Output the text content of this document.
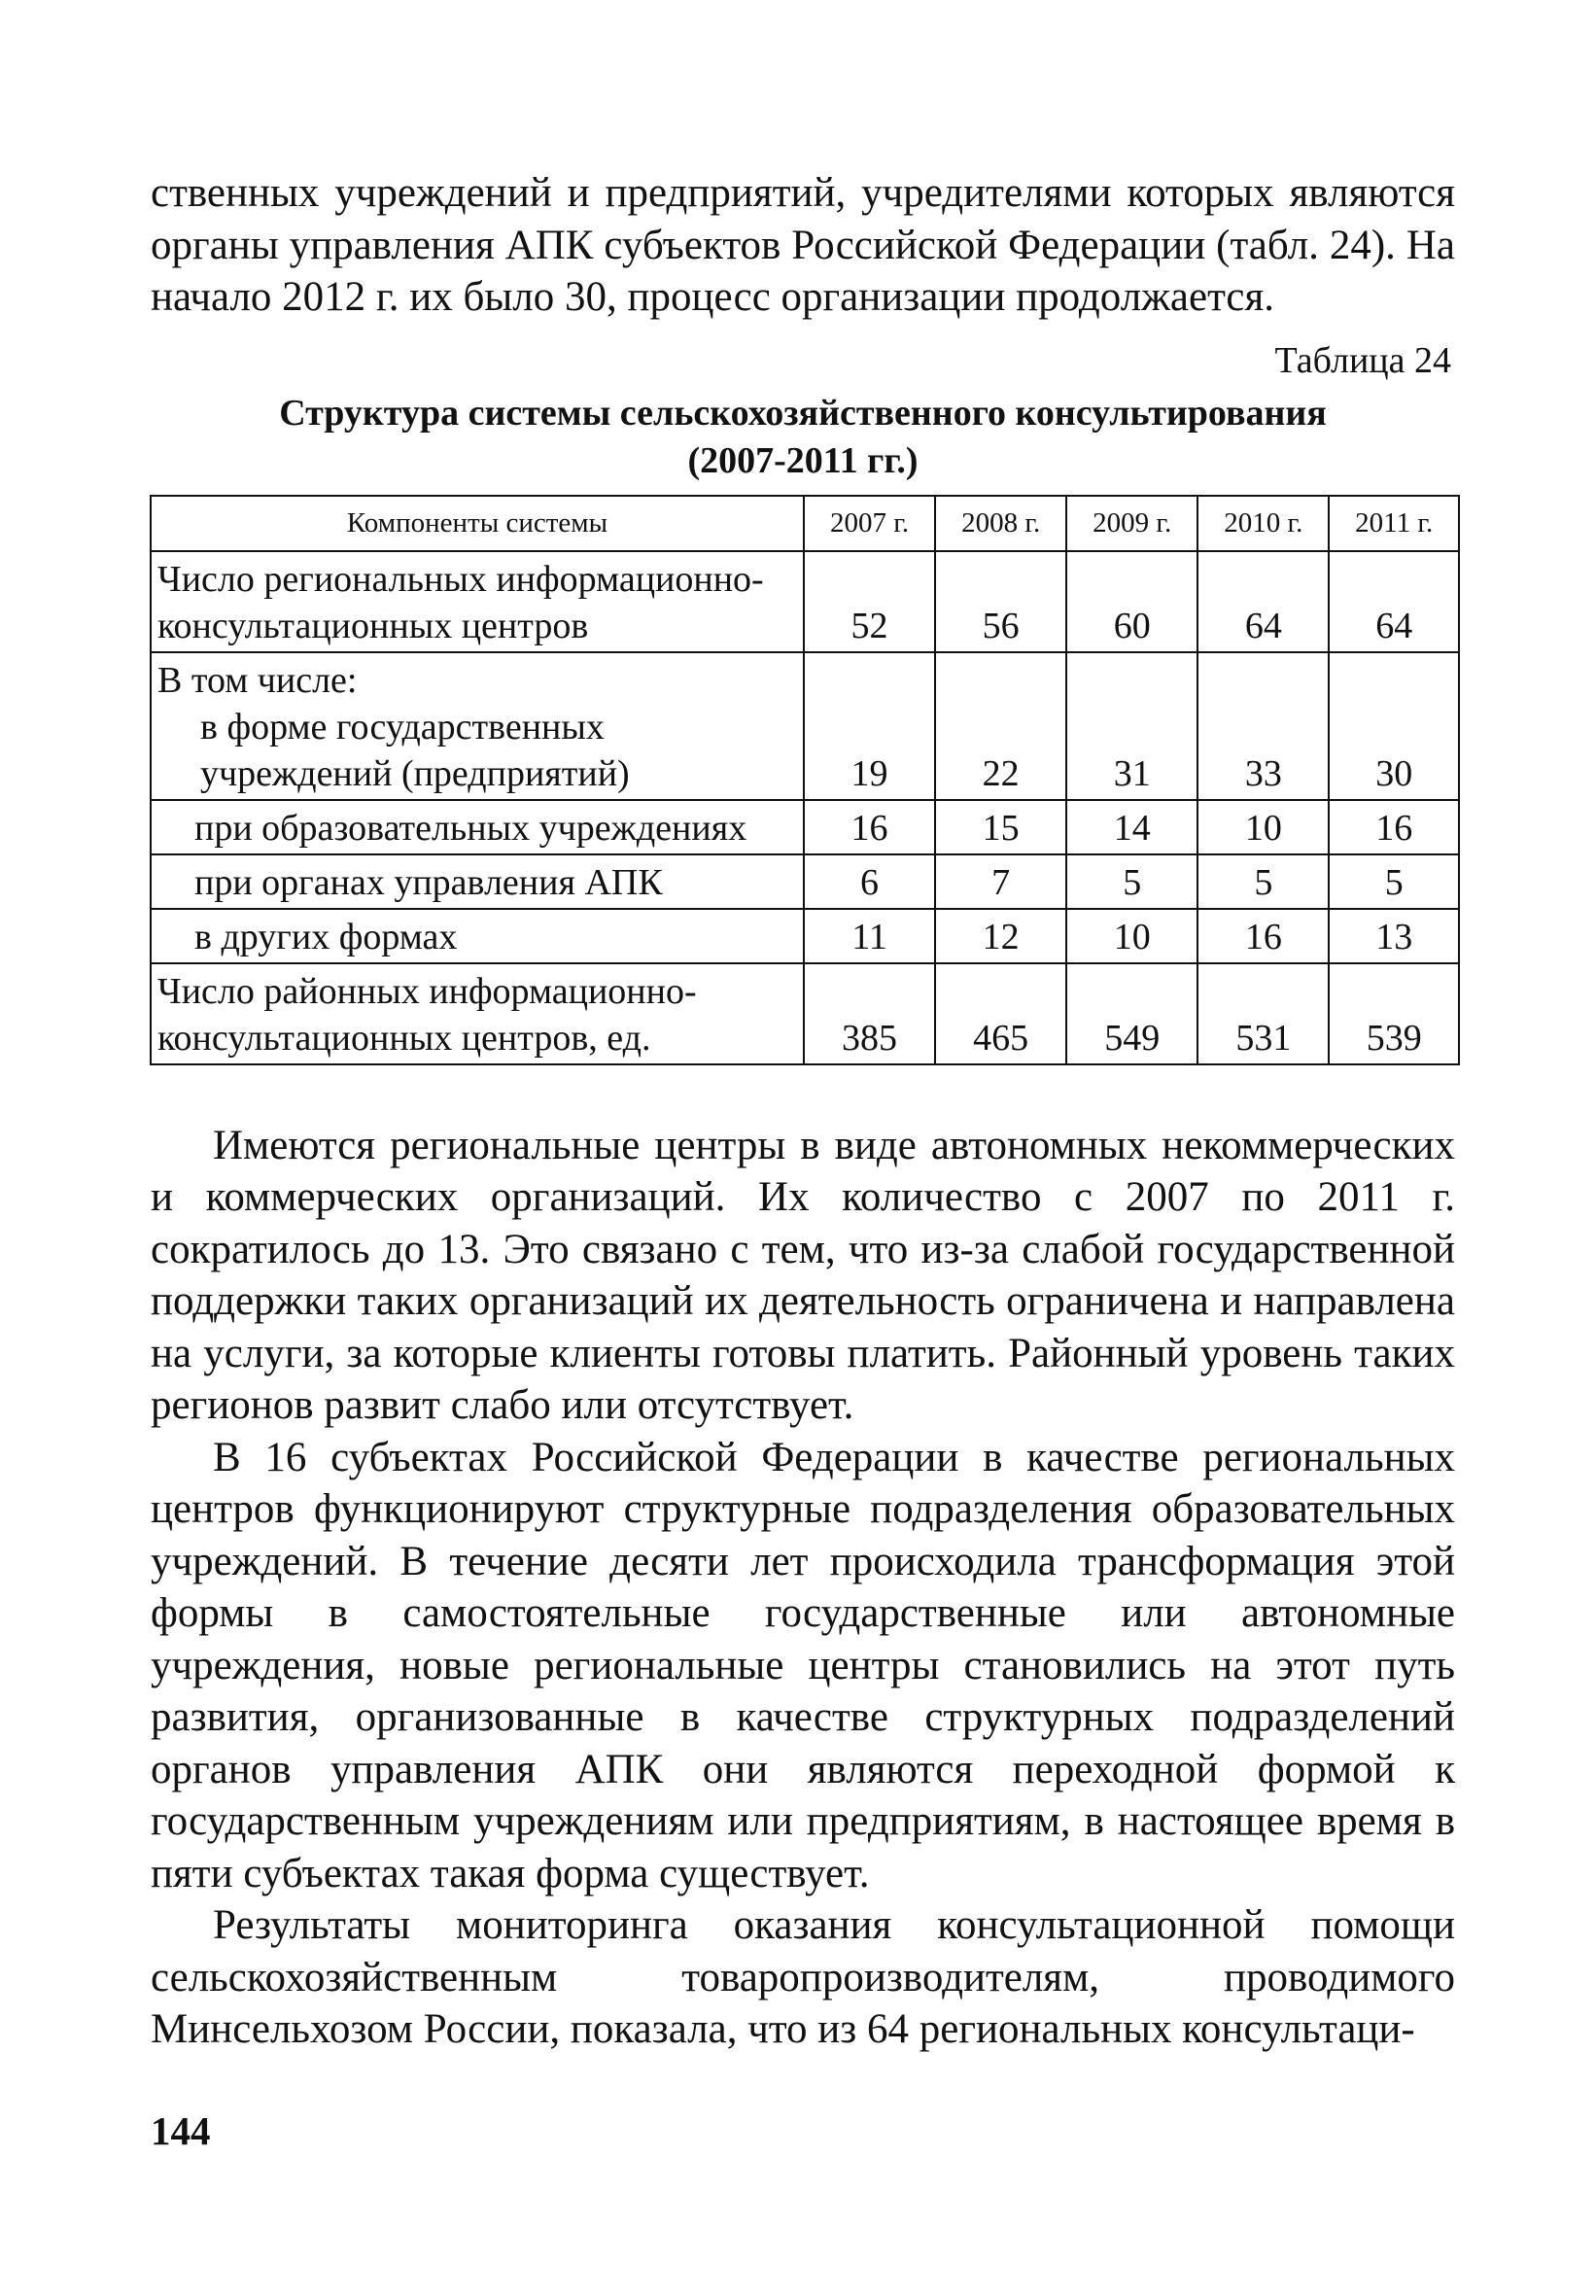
ственных учреждений и предприятий, учредителями которых являются органы управления АПК субъектов Российской Федерации (табл. 24). На начало 2012 г. их было 30, процесс организации продолжается.

Таблица 24
Структура системы сельскохозяйственного консультирования
(2007-2011 гг.)
Компоненты системы	2007 г.	2008 г.	2009 г.	2010 г.	2011 г.
Число региональных информационно-консультационных центров	52	56	60	64	64

В том числе:
в форме государственных учреждений (предприятий)	19	22	31	33	30
при образовательных учреждениях	16	15	14	10	16
при органах управления АПК	6	7	5	5	5
в других формах	11	12	10	16	13
Число районных информационно-консультационных центров, ед.	385	465	549	531	539

Имеются региональные центры в виде автономных некоммерческих и коммерческих организаций. Их количество с 2007 по 2011 г. сократилось до 13. Это связано с тем, что из-за слабой государственной поддержки таких организаций их деятельность ограничена и направлена на услуги, за которые клиенты готовы платить. Районный уровень таких регионов развит слабо или отсутствует.

В 16 субъектах Российской Федерации в качестве региональных центров функционируют структурные подразделения образовательных учреждений. В течение десяти лет происходила трансформация этой формы в самостоятельные государственные или автономные учреждения, новые региональные центры становились на этот путь развития, организованные в качестве структурных подразделений органов управления АПК они являются переходной формой к государственным учреждениям или предприятиям, в настоящее время в пяти субъектах такая форма существует.

Результаты мониторинга оказания консультационной помощи сельскохозяйственным товаропроизводителям, проводимого Минсельхозом России, показала, что из 64 региональных консультаци-

144
